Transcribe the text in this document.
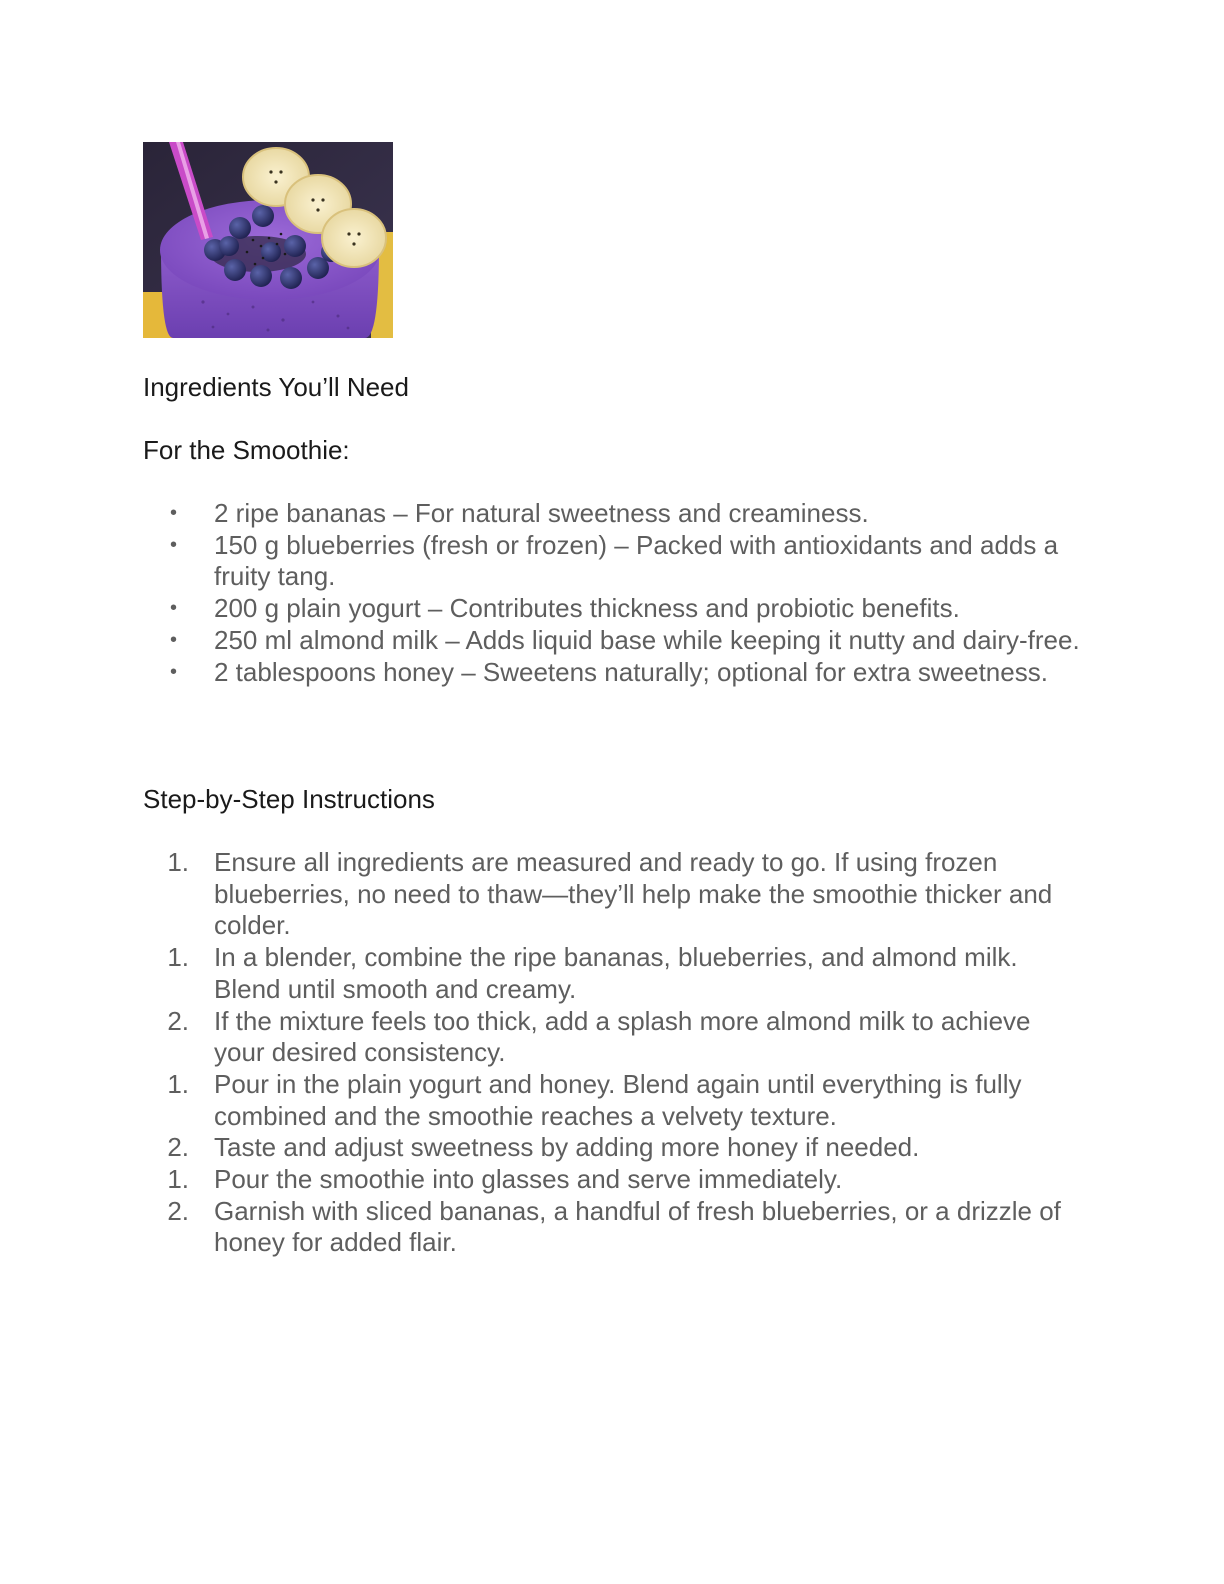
Ingredients You’ll Need
For the Smoothie:
• 2 ripe bananas – For natural sweetness and creaminess.
• 150 g blueberries (fresh or frozen) – Packed with antioxidants and adds a fruity tang.
• 200 g plain yogurt – Contributes thickness and probiotic benefits.
• 250 ml almond milk – Adds liquid base while keeping it nutty and dairy-free.
• 2 tablespoons honey – Sweetens naturally; optional for extra sweetness.
Step-by-Step Instructions
1. Ensure all ingredients are measured and ready to go. If using frozen blueberries, no need to thaw—they’ll help make the smoothie thicker and colder.
1. In a blender, combine the ripe bananas, blueberries, and almond milk. Blend until smooth and creamy.
2. If the mixture feels too thick, add a splash more almond milk to achieve your desired consistency.
1. Pour in the plain yogurt and honey. Blend again until everything is fully combined and the smoothie reaches a velvety texture.
2. Taste and adjust sweetness by adding more honey if needed.
1. Pour the smoothie into glasses and serve immediately.
2. Garnish with sliced bananas, a handful of fresh blueberries, or a drizzle of honey for added flair.
